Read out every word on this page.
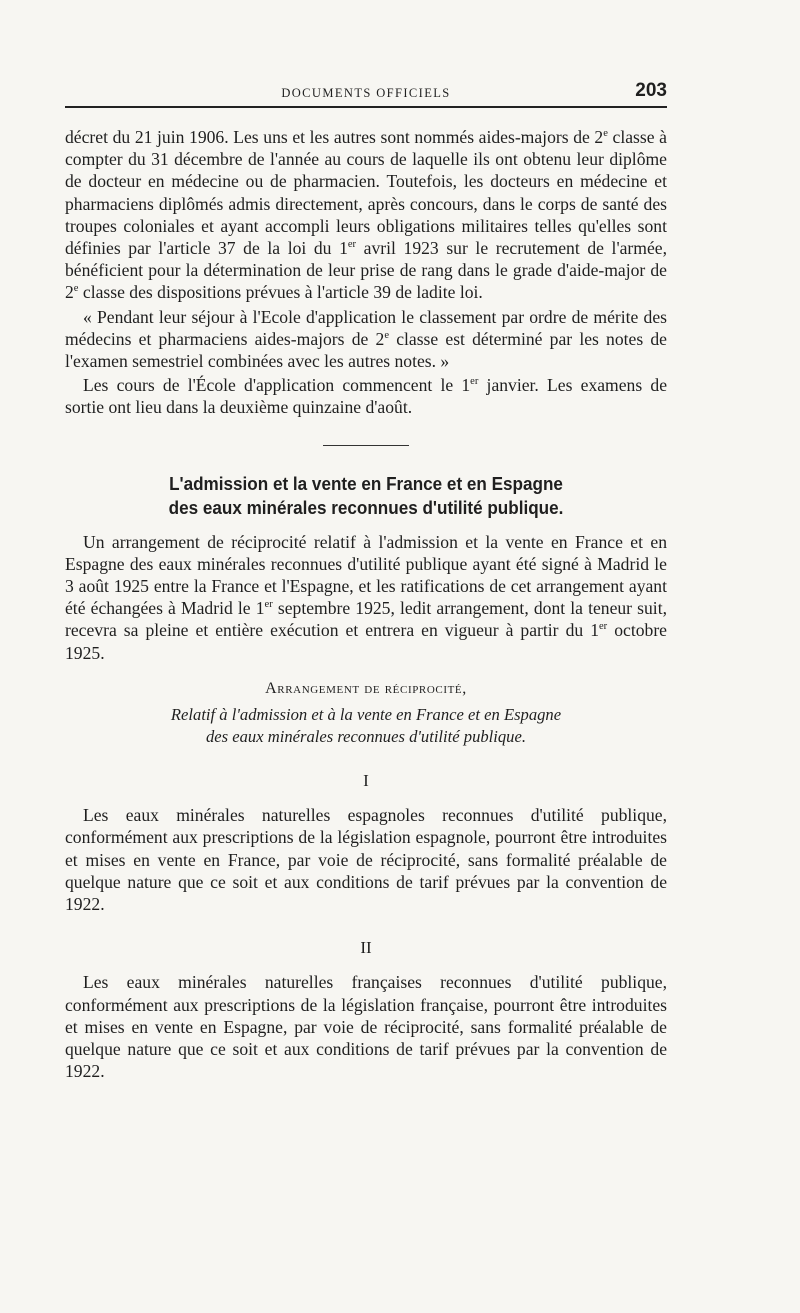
DOCUMENTS OFFICIELS	203

décret du 21 juin 1906. Les uns et les autres sont nommés aides-majors de 2e classe à compter du 31 décembre de l'année au cours de laquelle ils ont obtenu leur diplôme de docteur en médecine ou de pharmacien. Toutefois, les docteurs en médecine et pharmaciens diplômés admis directement, après concours, dans le corps de santé des troupes coloniales et ayant accompli leurs obligations militaires telles qu'elles sont définies par l'article 37 de la loi du 1er avril 1923 sur le recrutement de l'armée, bénéficient pour la détermination de leur prise de rang dans le grade d'aide-major de 2e classe des dispositions prévues à l'article 39 de ladite loi.

« Pendant leur séjour à l'Ecole d'application le classement par ordre de mérite des médecins et pharmaciens aides-majors de 2e classe est déterminé par les notes de l'examen semestriel combinées avec les autres notes. »

Les cours de l'École d'application commencent le 1er janvier. Les examens de sortie ont lieu dans la deuxième quinzaine d'août.

L'admission et la vente en France et en Espagne
des eaux minérales reconnues d'utilité publique.

Un arrangement de réciprocité relatif à l'admission et la vente en France et en Espagne des eaux minérales reconnues d'utilité publique ayant été signé à Madrid le 3 août 1925 entre la France et l'Espagne, et les ratifications de cet arrangement ayant été échangées à Madrid le 1er septembre 1925, ledit arrangement, dont la teneur suit, recevra sa pleine et entière exécution et entrera en vigueur à partir du 1er octobre 1925.

Arrangement de réciprocité,

Relatif à l'admission et à la vente en France et en Espagne
des eaux minérales reconnues d'utilité publique.

I

Les eaux minérales naturelles espagnoles reconnues d'utilité publique, conformément aux prescriptions de la législation espagnole, pourront être introduites et mises en vente en France, par voie de réciprocité, sans formalité préalable de quelque nature que ce soit et aux conditions de tarif prévues par la convention de 1922.

II

Les eaux minérales naturelles françaises reconnues d'utilité publique, conformément aux prescriptions de la législation française, pourront être introduites et mises en vente en Espagne, par voie de réciprocité, sans formalité préalable de quelque nature que ce soit et aux conditions de tarif prévues par la convention de 1922.
